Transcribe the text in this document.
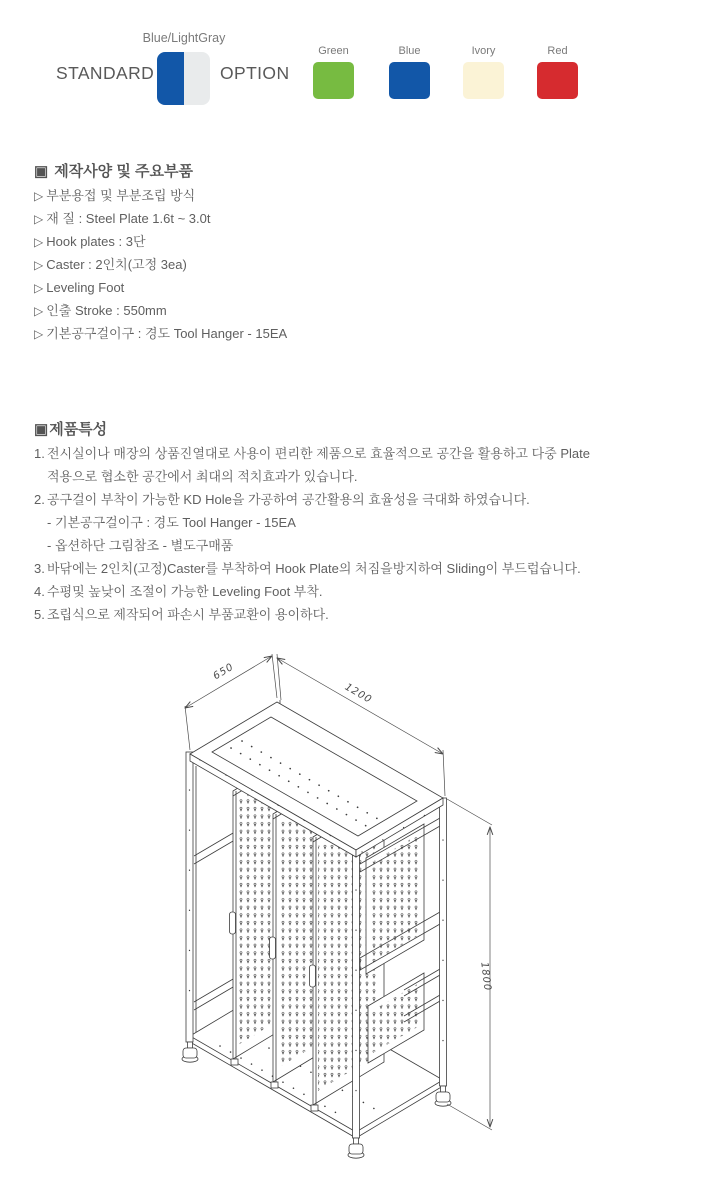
Blue/LightGray
STANDARD	OPTION
Green	Blue	Ivory	Red
▣ 제작사양 및 주요부품
▷ 부분용접 및 부분조립 방식
▷ 재 질 : Steel Plate 1.6t ~ 3.0t
▷ Hook plates : 3단
▷ Caster : 2인치(고정 3ea)
▷ Leveling Foot
▷ 인출 Stroke : 550mm
▷ 기본공구걸이구 : 경도 Tool Hanger - 15EA
▣제품특성
1. 전시실이나 매장의 상품진열대로 사용이 편리한 제품으로 효율적으로 공간을 활용하고 다중 Plate
적용으로 협소한 공간에서 최대의 적치효과가 있습니다.
2. 공구걸이 부착이 가능한 KD Hole을 가공하여 공간활용의 효율성을 극대화 하였습니다.
- 기본공구걸이구 : 경도 Tool Hanger - 15EA
- 옵션하단 그림참조 - 별도구매품
3. 바닦에는 2인치(고정)Caster를 부착하여 Hook Plate의 처짐을방지하여 Sliding이 부드럽습니다.
4. 수평및 높낮이 조절이 가능한 Leveling Foot 부착.
5. 조립식으로 제작되어 파손시 부품교환이 용이하다.
650
1200
1800
